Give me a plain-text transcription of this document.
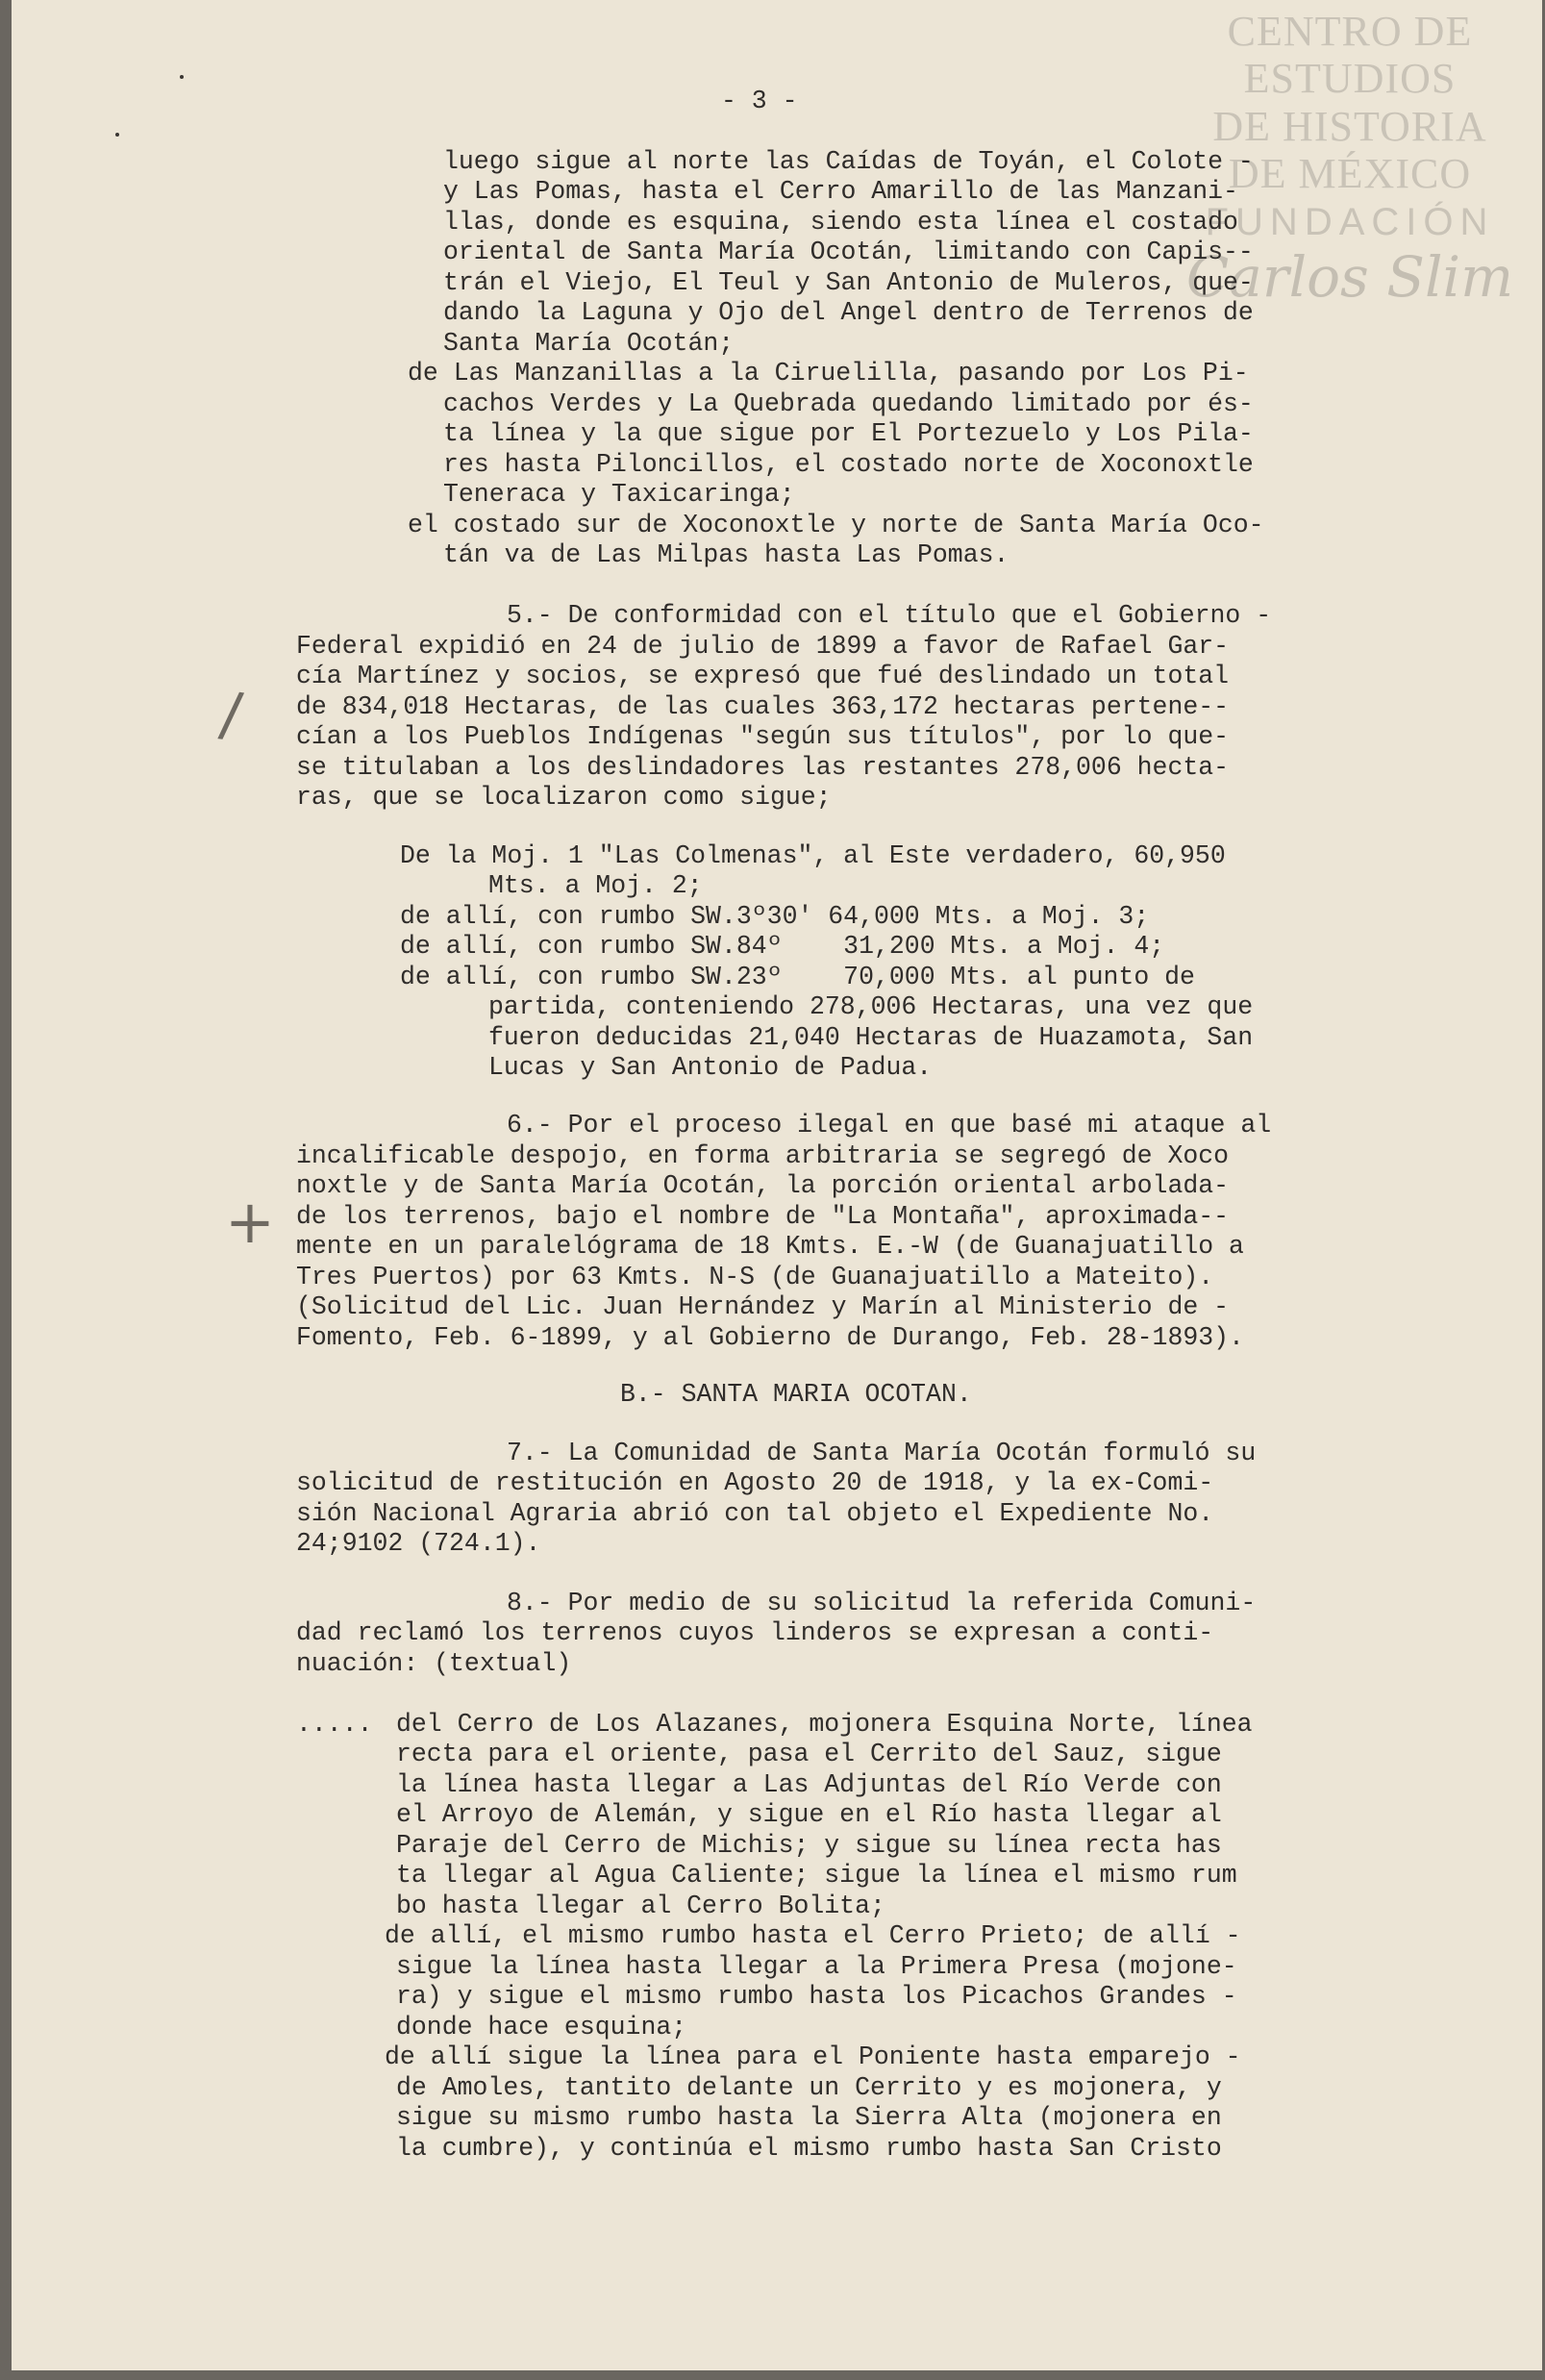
CENTRO DE
ESTUDIOS
DE HISTORIA
DE MÉXICO
FUNDACIÓN
Carlos Slim
/
+

- 3 -

luego sigue al norte las Caídas de Toyán, el Colote -

y Las Pomas, hasta el Cerro Amarillo de las Manzani-

llas, donde es esquina, siendo esta línea el costado

oriental de Santa María Ocotán, limitando con Capis--

trán el Viejo, El Teul y San Antonio de Muleros, que-

dando la Laguna y Ojo del Angel dentro de Terrenos de

Santa María Ocotán;

de Las Manzanillas a la Ciruelilla, pasando por Los Pi-

cachos Verdes y La Quebrada quedando limitado por és-

ta línea y la que sigue por El Portezuelo y Los Pila-

res hasta Piloncillos, el costado norte de Xoconoxtle

Teneraca y Taxicaringa;

el costado sur de Xoconoxtle y norte de Santa María Oco-

tán va de Las Milpas hasta Las Pomas.

5.- De conformidad con el título que el Gobierno -

Federal expidió en 24 de julio de 1899 a favor de Rafael Gar-

cía Martínez y socios, se expresó que fué deslindado un total

de 834,018 Hectaras, de las cuales 363,172 hectaras pertene--

cían a los Pueblos Indígenas "según sus títulos", por lo que-

se titulaban a los deslindadores las restantes 278,006 hecta-

ras, que se localizaron como sigue;

De la Moj. 1 "Las Colmenas", al Este verdadero, 60,950

Mts. a Moj. 2;

de allí, con rumbo SW.3º30' 64,000 Mts. a Moj. 3;

de allí, con rumbo SW.84º    31,200 Mts. a Moj. 4;

de allí, con rumbo SW.23º    70,000 Mts. al punto de

partida, conteniendo 278,006 Hectaras, una vez que

fueron deducidas 21,040 Hectaras de Huazamota, San

Lucas y San Antonio de Padua.

6.- Por el proceso ilegal en que basé mi ataque al

incalificable despojo, en forma arbitraria se segregó de Xoco

noxtle y de Santa María Ocotán, la porción oriental arbolada-

de los terrenos, bajo el nombre de "La Montaña", aproximada--

mente en un paralelógrama de 18 Kmts. E.-W (de Guanajuatillo a

Tres Puertos) por 63 Kmts. N-S (de Guanajuatillo a Mateito).

(Solicitud del Lic. Juan Hernández y Marín al Ministerio de -

Fomento, Feb. 6-1899, y al Gobierno de Durango, Feb. 28-1893).

B.- SANTA MARIA OCOTAN.

7.- La Comunidad de Santa María Ocotán formuló su

solicitud de restitución en Agosto 20 de 1918, y la ex-Comi-

sión Nacional Agraria abrió con tal objeto el Expediente No.

24;9102 (724.1).

8.- Por medio de su solicitud la referida Comuni-

dad reclamó los terrenos cuyos linderos se expresan a conti-

nuación: (textual)

.....

del Cerro de Los Alazanes, mojonera Esquina Norte, línea

recta para el oriente, pasa el Cerrito del Sauz, sigue

la línea hasta llegar a Las Adjuntas del Río Verde con

el Arroyo de Alemán, y sigue en el Río hasta llegar al

Paraje del Cerro de Michis; y sigue su línea recta has

ta llegar al Agua Caliente; sigue la línea el mismo rum

bo hasta llegar al Cerro Bolita;

de allí, el mismo rumbo hasta el Cerro Prieto; de allí -

sigue la línea hasta llegar a la Primera Presa (mojone-

ra) y sigue el mismo rumbo hasta los Picachos Grandes -

donde hace esquina;

de allí sigue la línea para el Poniente hasta emparejo -

de Amoles, tantito delante un Cerrito y es mojonera, y

sigue su mismo rumbo hasta la Sierra Alta (mojonera en

la cumbre), y continúa el mismo rumbo hasta San Cristo
